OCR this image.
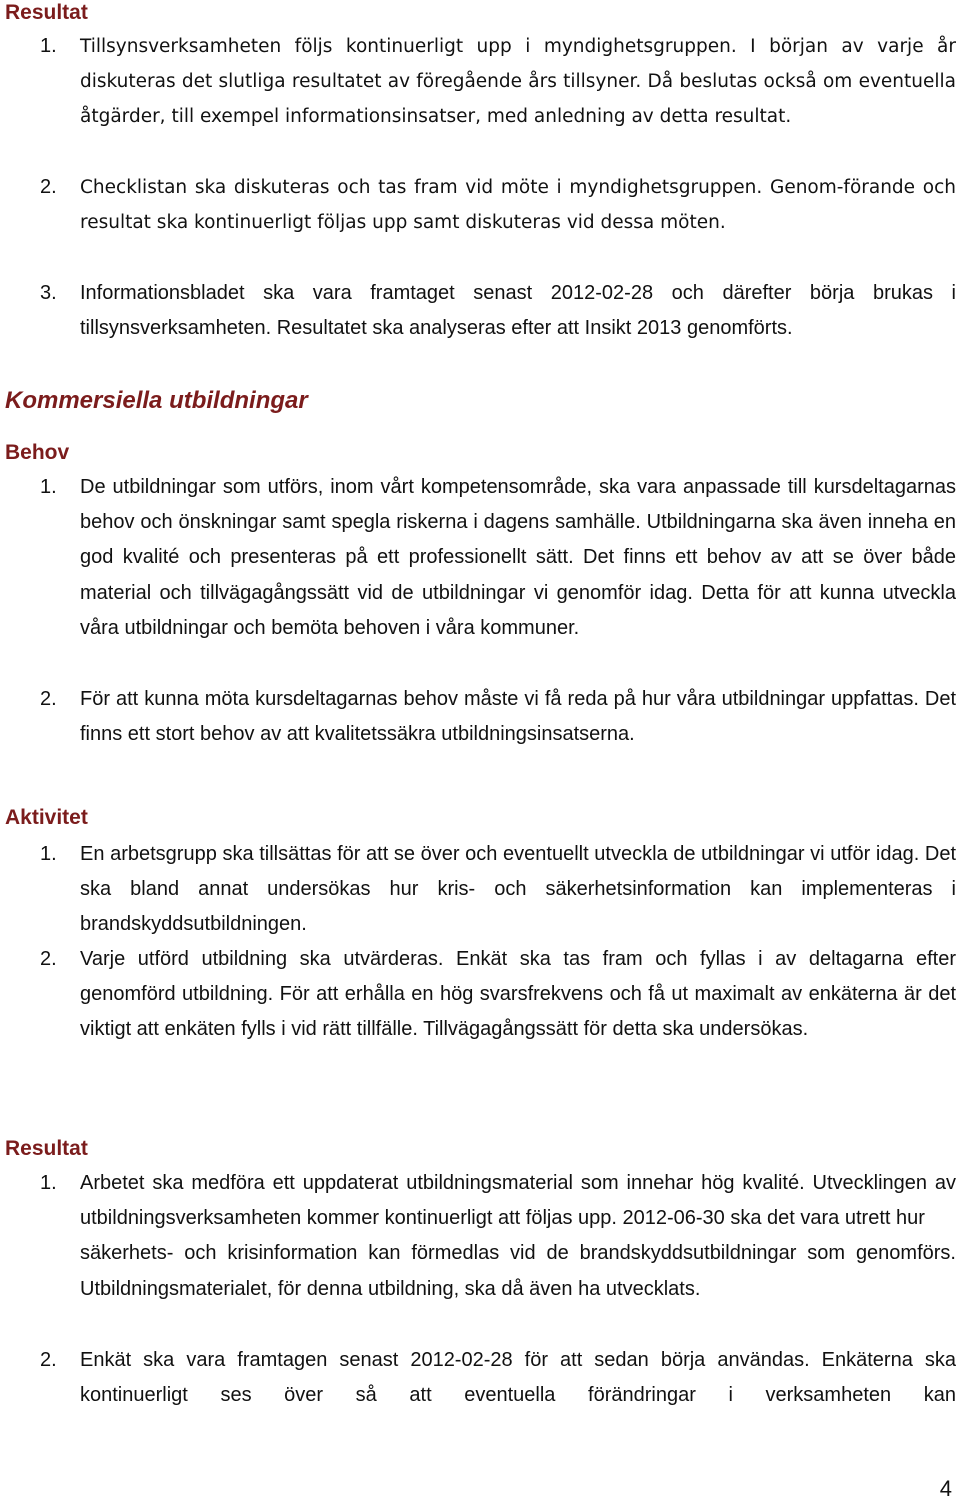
Resultat
1.	Tillsynsverksamheten följs kontinuerligt upp i myndighetsgruppen. I början av varje år diskuteras det slutliga resultatet av föregående års tillsyner. Då beslutas också om eventuella åtgärder, till exempel informationsinsatser, med anledning av detta resultat.
2.	Checklistan ska diskuteras och tas fram vid möte i myndighetsgruppen. Genom-förande och resultat ska kontinuerligt följas upp samt diskuteras vid dessa möten.
3.	Informationsbladet ska vara framtaget senast 2012-02-28 och därefter börja brukas i tillsynsverksamheten. Resultatet ska analyseras efter att Insikt 2013 genomförts.
Kommersiella utbildningar
Behov
1.	De utbildningar som utförs, inom vårt kompetensområde, ska vara anpassade till kursdeltagarnas behov och önskningar samt spegla riskerna i dagens samhälle. Utbildningarna ska även inneha en god kvalité och presenteras på ett professionellt sätt. Det finns ett behov av att se över både material och tillvägagångssätt vid de utbildningar vi genomför idag. Detta för att kunna utveckla våra utbildningar och bemöta behoven i våra kommuner.
2.	För att kunna möta kursdeltagarnas behov måste vi få reda på hur våra utbildningar uppfattas. Det finns ett stort behov av att kvalitetssäkra utbildningsinsatserna.
Aktivitet
1.	En arbetsgrupp ska tillsättas för att se över och eventuellt utveckla de utbildningar vi utför idag. Det ska bland annat undersökas hur kris- och säkerhetsinformation kan implementeras i brandskyddsutbildningen.
2.	Varje utförd utbildning ska utvärderas. Enkät ska tas fram och fyllas i av deltagarna efter genomförd utbildning. För att erhålla en hög svarsfrekvens och få ut maximalt av enkäterna är det viktigt att enkäten fylls i vid rätt tillfälle. Tillvägagångssätt för detta ska undersökas.
Resultat
1.	Arbetet ska medföra ett uppdaterat utbildningsmaterial som innehar hög kvalité. Utvecklingen av utbildningsverksamheten kommer kontinuerligt att följas upp. 2012-06-30 ska det vara utrett hur
säkerhets- och krisinformation kan förmedlas vid de brandskyddsutbildningar som genomförs. Utbildningsmaterialet, för denna utbildning, ska då även ha utvecklats.
2.	Enkät ska vara framtagen senast 2012-02-28 för att sedan börja användas. Enkäterna ska kontinuerligt ses över så att eventuella förändringar i verksamheten kan
4
